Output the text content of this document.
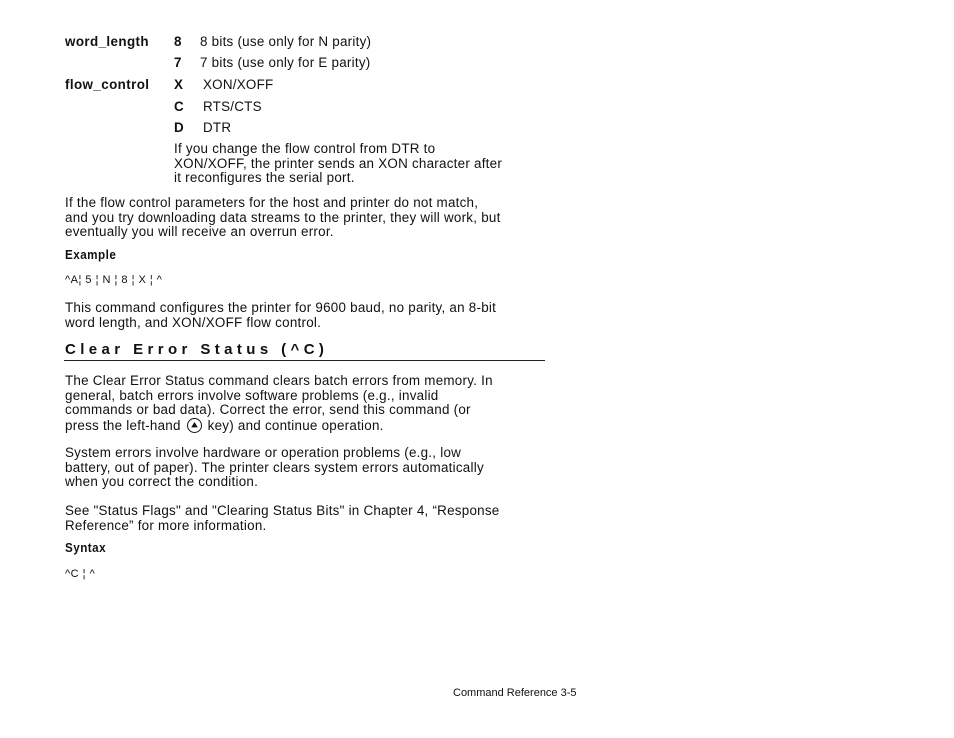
word_length 8 8 bits (use only for N parity)
7 7 bits (use only for E parity)
flow_control X XON/XOFF
C RTS/CTS
D DTR
If you change the flow control from DTR to
XON/XOFF, the printer sends an XON character after
it reconfigures the serial port.
If the flow control parameters for the host and printer do not match,
and you try downloading data streams to the printer, they will work, but
eventually you will receive an overrun error.
Example
^A¦ 5 ¦ N ¦ 8 ¦ X ¦ ^
This command configures the printer for 9600 baud, no parity, an 8-bit
word length, and XON/XOFF flow control.
Clear Error Status (^C)
The Clear Error Status command clears batch errors from memory. In
general, batch errors involve software problems (e.g., invalid
commands or bad data). Correct the error, send this command (or
press the left-hand key) and continue operation.
System errors involve hardware or operation problems (e.g., low
battery, out of paper). The printer clears system errors automatically
when you correct the condition.
See "Status Flags" and "Clearing Status Bits" in Chapter 4, “Response
Reference” for more information.
Syntax
^C ¦ ^
Command Reference 3-5
